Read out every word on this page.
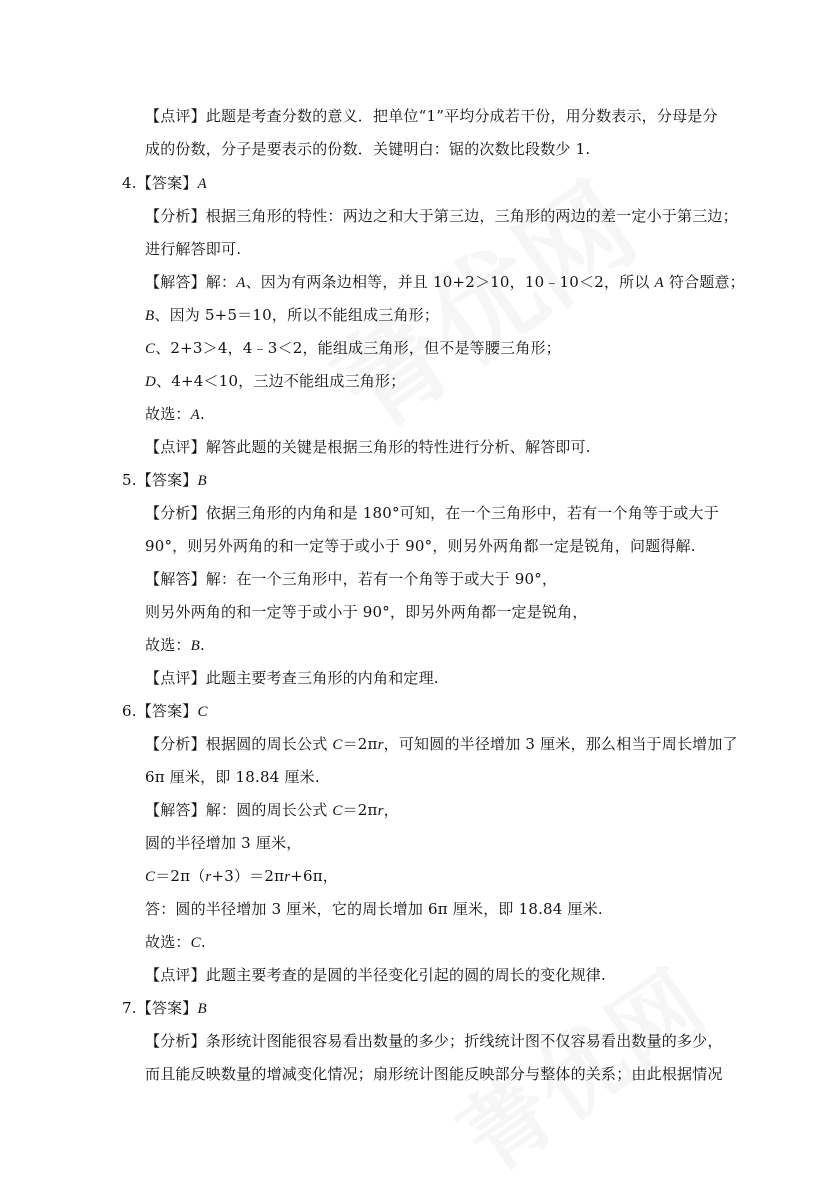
【点评】此题是考查分数的意义．把单位“1”平均分成若干份，用分数表示，分母是分
成的份数，分子是要表示的份数．关键明白：锯的次数比段数少 1.
4.【答案】A
【分析】根据三角形的特性：两边之和大于第三边，三角形的两边的差一定小于第三边；
进行解答即可.
【解答】解：A、因为有两条边相等，并且 10+2＞10，10﹣10＜2，所以 A 符合题意；
B、因为 5+5＝10，所以不能组成三角形；
C、2+3＞4，4﹣3＜2，能组成三角形，但不是等腰三角形；
D、4+4＜10，三边不能组成三角形；
故选：A.
【点评】解答此题的关键是根据三角形的特性进行分析、解答即可.
5.【答案】B
【分析】依据三角形的内角和是 180°可知，在一个三角形中，若有一个角等于或大于
90°，则另外两角的和一定等于或小于 90°，则另外两角都一定是锐角，问题得解.
【解答】解：在一个三角形中，若有一个角等于或大于 90°，
则另外两角的和一定等于或小于 90°，即另外两角都一定是锐角，
故选：B.
【点评】此题主要考查三角形的内角和定理.
6.【答案】C
【分析】根据圆的周长公式 C＝2πr，可知圆的半径增加 3 厘米，那么相当于周长增加了
6π 厘米，即 18.84 厘米.
【解答】解：圆的周长公式 C＝2πr，
圆的半径增加 3 厘米，
C＝2π（r+3）＝2πr+6π，
答：圆的半径增加 3 厘米，它的周长增加 6π 厘米，即 18.84 厘米.
故选：C.
【点评】此题主要考查的是圆的半径变化引起的圆的周长的变化规律.
7.【答案】B
【分析】条形统计图能很容易看出数量的多少；折线统计图不仅容易看出数量的多少，
而且能反映数量的增减变化情况；扇形统计图能反映部分与整体的关系；由此根据情况
